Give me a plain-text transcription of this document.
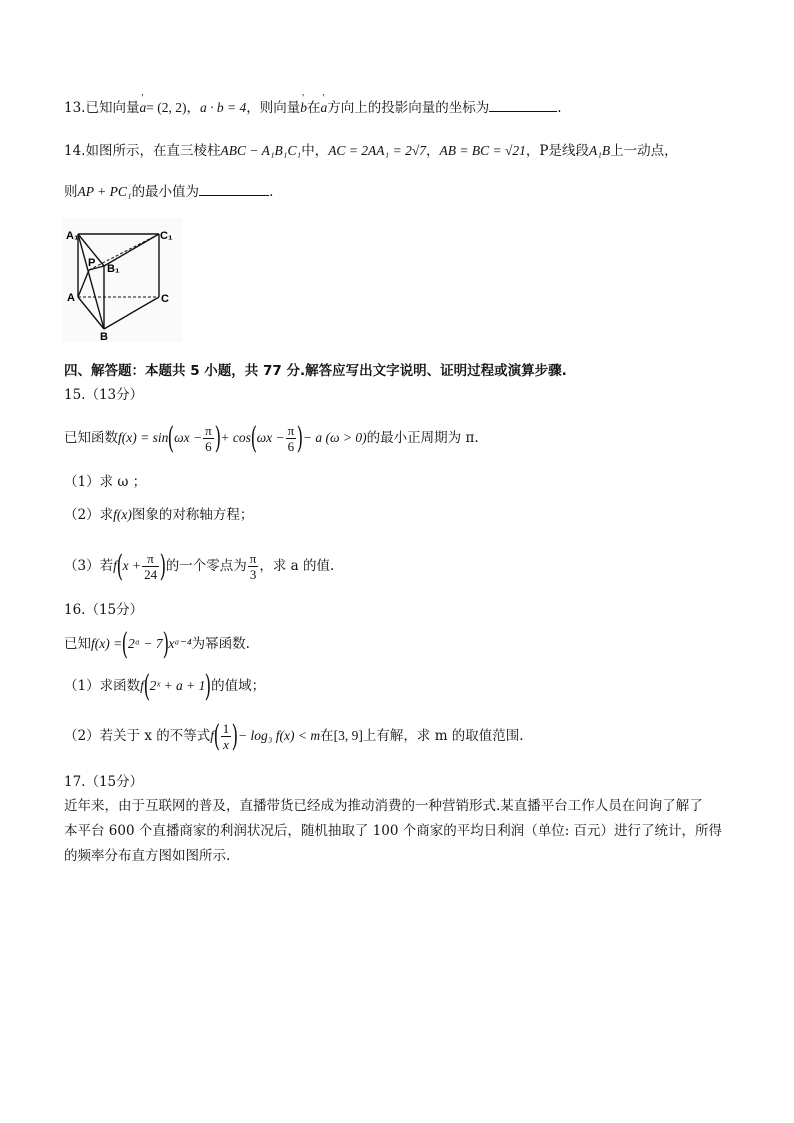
13.已知向量' a= (2, 2)，a · b = 4，则向量' b在' a方向上的投影向量的坐标为	.
14.如图所示，在直三棱柱ABC − A₁B₁C₁中，AC = 2AA₁ = 2√7，AB = BC = √21，P是线段A₁B上一动点，
则AP + PC₁的最小值为	.
A₁	C₁
P B₁
A	C
B
四、解答题：本题共 5 小题，共 77 分.解答应写出文字说明、证明过程或演算步骤.
15.（13分）
已知函数$f(x) = \sin(\omega x - \frac{\pi}{6}$ )+ $\cos(\omega x - \frac{\pi}{6}$ )− a (ω > 0)的最小正周期为 π.
（1）求 ω ；
（2）求f(x)图象的对称轴方程；
（3）若$f(x + \frac{\pi}{24}$ )的一个零点为 $\frac{\pi}{3}$ ，求 a 的值.
16.（15分）
已知f(x) =(2ᵃ − 7)xᵃ⁻⁴为幂函数.
（1）求函数f(2ˣ + a + 1)的值域；
（2）若关于 x 的不等式$f( \frac{1}{x}$ )− log₃ f(x) < m在[3, 9]上有解，求 m 的取值范围.
17.（15分）
近年来，由于互联网的普及，直播带货已经成为推动消费的一种营销形式.某直播平台工作人员在问询了解了
本平台 600 个直播商家的利润状况后，随机抽取了 100 个商家的平均日利润（单位: 百元）进行了统计，所得
的频率分布直方图如图所示.
